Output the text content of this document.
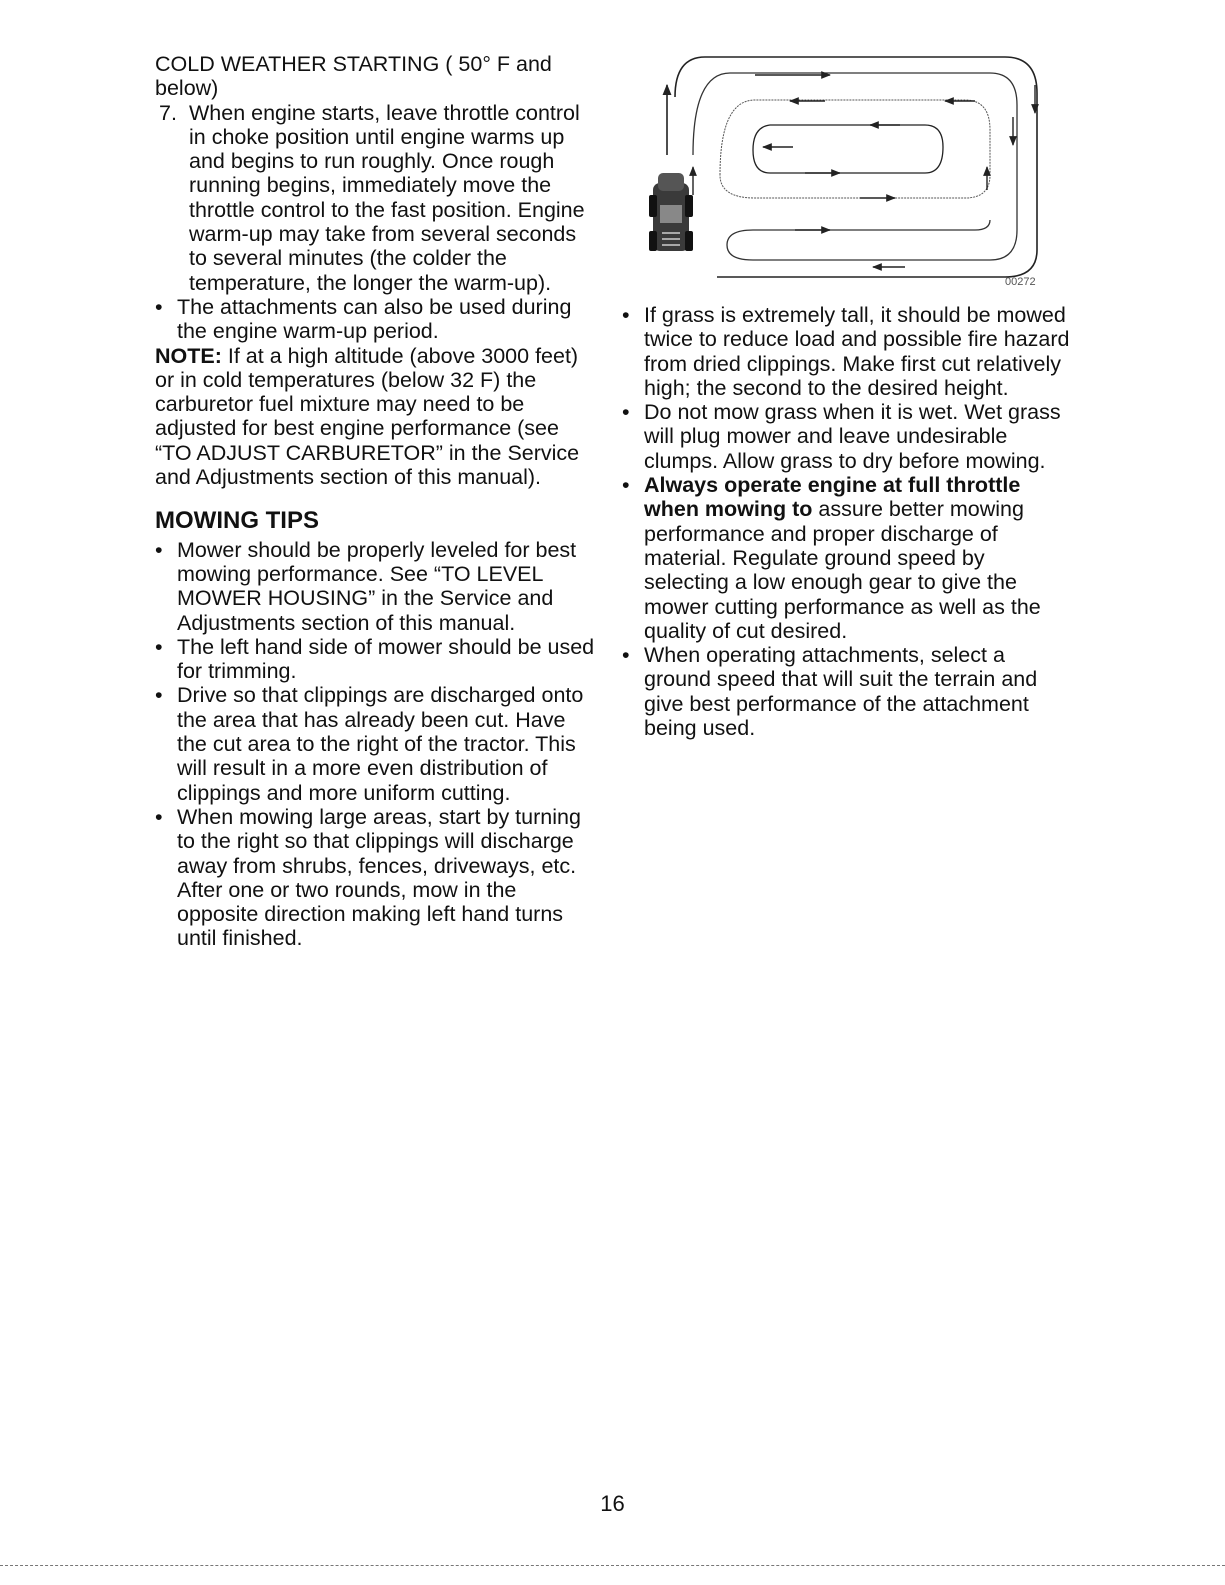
COLD WEATHER STARTING ( 50° F and below)

7. When engine starts, leave throttle control in choke position until engine warms up and begins to run roughly. Once rough running begins, immediately move the throttle control to the fast position. Engine warm-up may take from several seconds to several minutes (the colder the temperature, the longer the warm-up).
• The attachments can also be used during the engine warm-up period.

NOTE: If at a high altitude (above 3000 feet) or in cold temperatures (below 32 F) the carburetor fuel mixture may need to be adjusted for best engine performance (see “TO ADJUST CARBURETOR” in the Service and Adjustments section of this manual).

MOWING TIPS

• Mower should be properly leveled for best mowing performance. See “TO LEVEL MOWER HOUSING” in the Service and Adjustments section of this manual.
• The left hand side of mower should be used for trimming.
• Drive so that clippings are discharged onto the area that has already been cut. Have the cut area to the right of the tractor. This will result in a more even distribution of clippings and more uniform cutting.
• When mowing large areas, start by turning to the right so that clippings will discharge away from shrubs, fences, driveways, etc. After one or two rounds, mow in the opposite direction making left hand turns until finished.
00272
• If grass is extremely tall, it should be mowed twice to reduce load and possible fire hazard from dried clippings. Make first cut relatively high; the second to the desired height.
• Do not mow grass when it is wet. Wet grass will plug mower and leave undesirable clumps. Allow grass to dry before mowing.
• Always operate engine at full throttle when mowing to assure better mowing performance and proper discharge of material. Regulate ground speed by selecting a low enough gear to give the mower cutting performance as well as the quality of cut desired.
• When operating attachments, select a ground speed that will suit the terrain and give best performance of the attachment being used.
16
